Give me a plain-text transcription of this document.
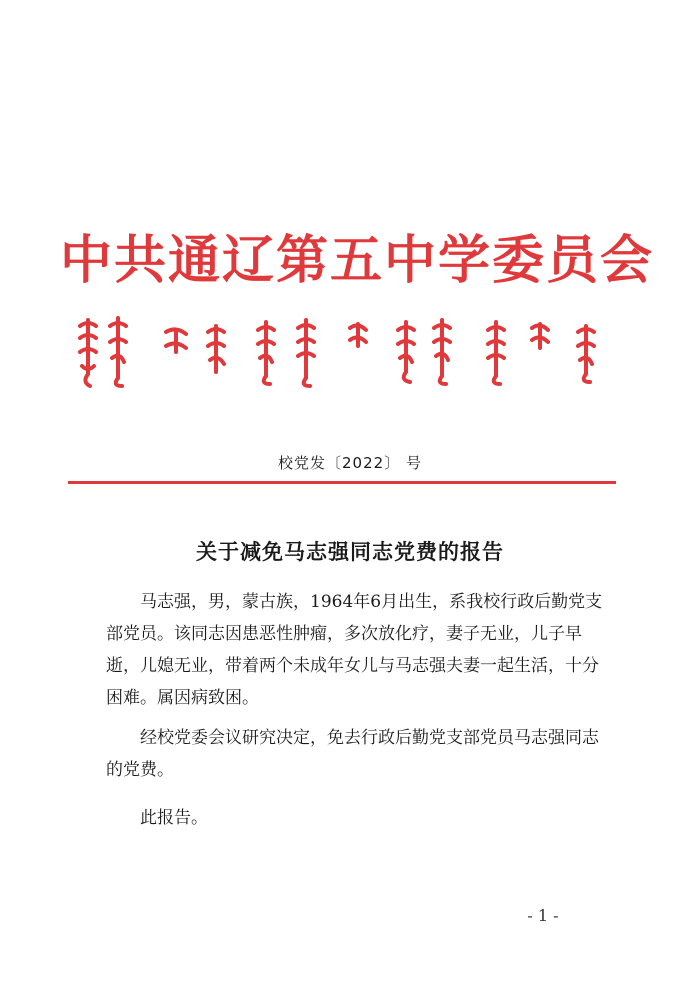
中共通辽第五中学委员会
校党发〔2022〕 号
关于减免马志强同志党费的报告

马志强，男，蒙古族，1964年6月出生，系我校行政后勤党支部党员。该同志因患恶性肿瘤，多次放化疗，妻子无业，儿子早逝，儿媳无业，带着两个未成年女儿与马志强夫妻一起生活，十分困难。属因病致困。

经校党委会议研究决定，免去行政后勤党支部党员马志强同志的党费。

此报告。

- 1 -
